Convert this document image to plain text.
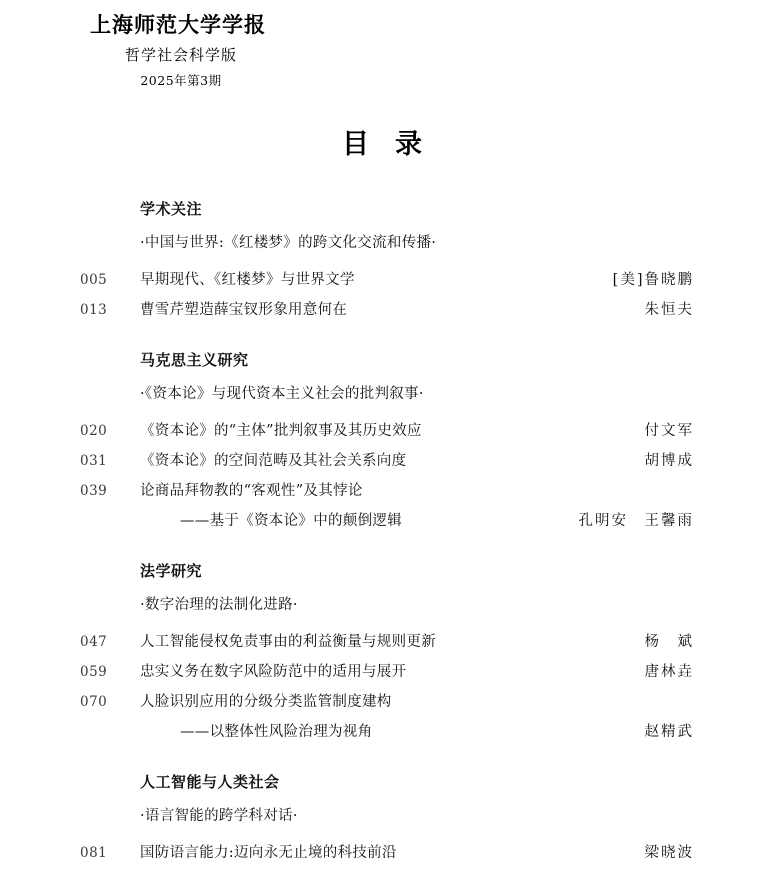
上海师范大学学报
哲学社会科学版
2025年第3期
目录
学术关注
·中国与世界:《红楼梦》的跨文化交流和传播·
005	早期现代、《红楼梦》与世界文学	[美]鲁晓鹏
013	曹雪芹塑造薛宝钗形象用意何在	朱恒夫
马克思主义研究
·《资本论》与现代资本主义社会的批判叙事·
020	《资本论》的“主体”批判叙事及其历史效应	付文军
031	《资本论》的空间范畴及其社会关系向度	胡博成
039	论商品拜物教的“客观性”及其悖论
——基于《资本论》中的颠倒逻辑	孔明安　王馨雨
法学研究
·数字治理的法制化进路·
047	人工智能侵权免责事由的利益衡量与规则更新	杨　斌
059	忠实义务在数字风险防范中的适用与展开	唐林垚
070	人脸识别应用的分级分类监管制度建构
——以整体性风险治理为视角	赵精武
人工智能与人类社会
·语言智能的跨学科对话·
081	国防语言能力:迈向永无止境的科技前沿	梁晓波
